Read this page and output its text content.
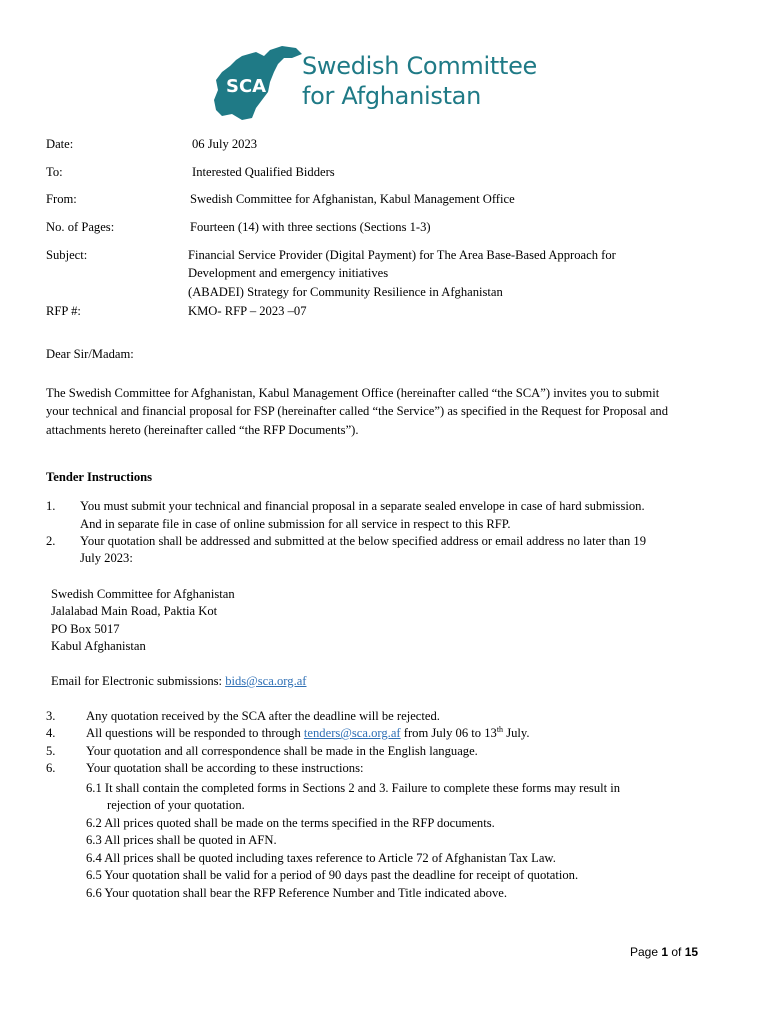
SCA
Swedish Committee
for Afghanistan
Date:	06 July 2023
To:	Interested Qualified Bidders
From:	Swedish Committee for Afghanistan, Kabul Management Office
No. of Pages:	Fourteen (14) with three sections (Sections 1-3)
Subject:	Financial Service Provider (Digital Payment) for The Area Base-Based Approach for
Development and emergency initiatives
(ABADEI) Strategy for Community Resilience in Afghanistan
RFP #:	KMO- RFP – 2023 –07
Dear Sir/Madam:
The Swedish Committee for Afghanistan, Kabul Management Office (hereinafter called “the SCA”) invites you to submit
your technical and financial proposal for FSP (hereinafter called “the Service”) as specified in the Request for Proposal and
attachments hereto (hereinafter called “the RFP Documents”).
Tender Instructions
1. You must submit your technical and financial proposal in a separate sealed envelope in case of hard submission.
And in separate file in case of online submission for all service in respect to this RFP.
2. Your quotation shall be addressed and submitted at the below specified address or email address no later than 19
July 2023:
Swedish Committee for Afghanistan
Jalalabad Main Road, Paktia Kot
PO Box 5017
Kabul Afghanistan
Email for Electronic submissions: bids@sca.org.af
3. Any quotation received by the SCA after the deadline will be rejected.
4. All questions will be responded to through tenders@sca.org.af from July 06 to 13th July.
5. Your quotation and all correspondence shall be made in the English language.
6. Your quotation shall be according to these instructions:
6.1 It shall contain the completed forms in Sections 2 and 3. Failure to complete these forms may result in
rejection of your quotation.
6.2 All prices quoted shall be made on the terms specified in the RFP documents.
6.3 All prices shall be quoted in AFN.
6.4 All prices shall be quoted including taxes reference to Article 72 of Afghanistan Tax Law.
6.5 Your quotation shall be valid for a period of 90 days past the deadline for receipt of quotation.
6.6 Your quotation shall bear the RFP Reference Number and Title indicated above.
Page 1 of 15
